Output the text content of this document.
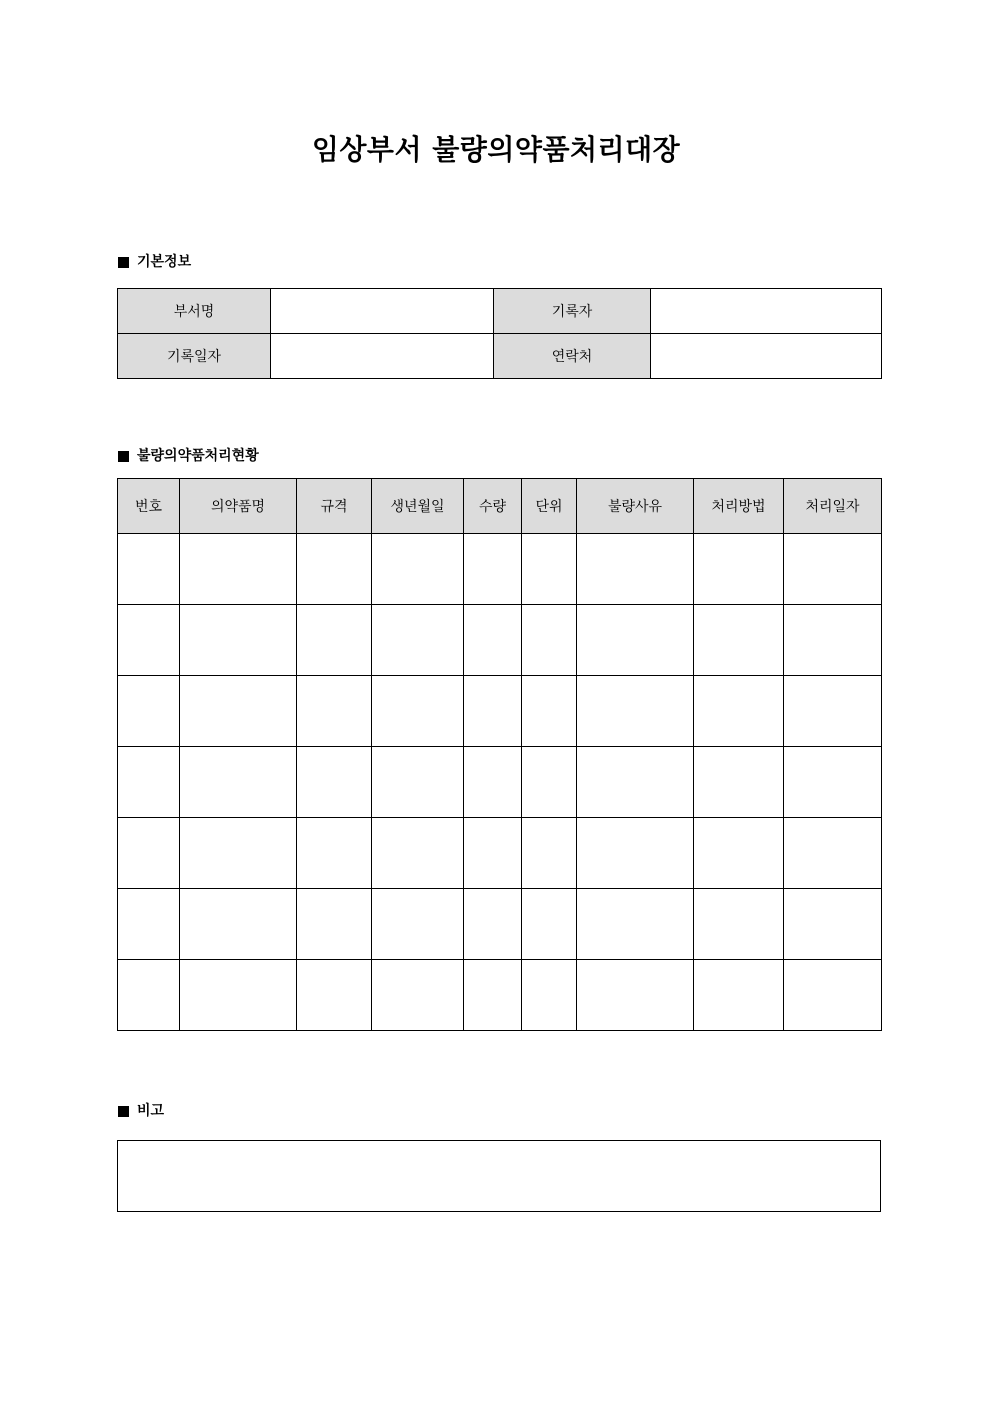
임상부서 불량의약품처리대장
기본정보
부서명		기록자	
기록일자		연락처	
불량의약품처리현황
번호	의약품명	규격	생년월일	수량	단위	불량사유	처리방법	처리일자

비고
